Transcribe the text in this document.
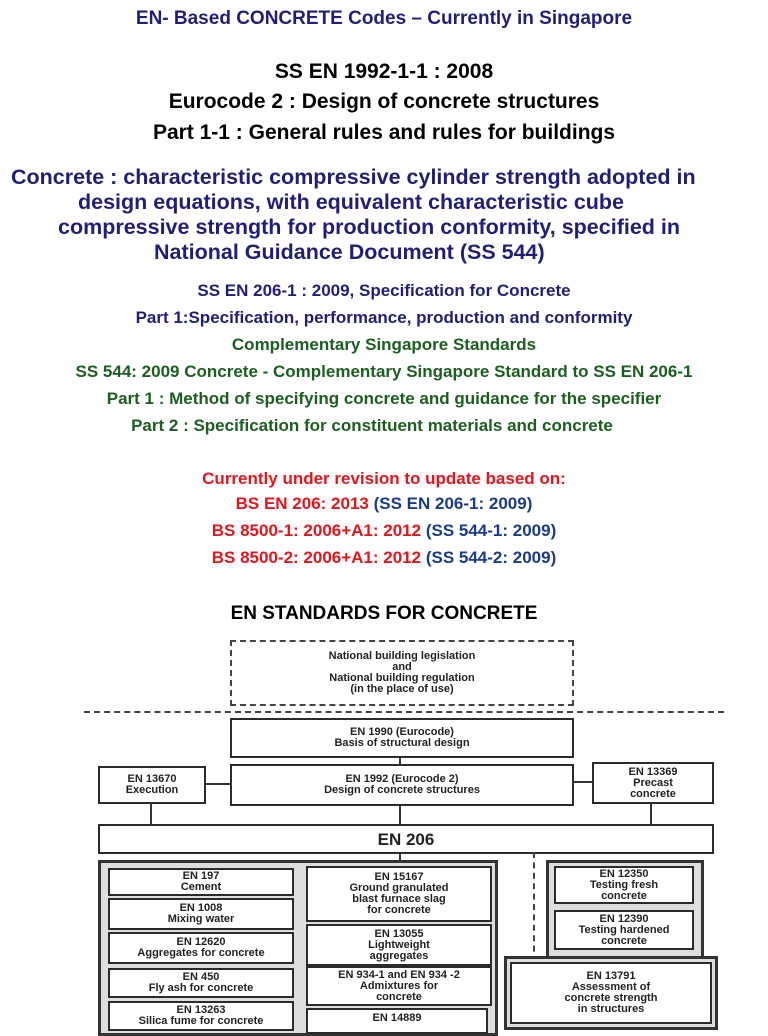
EN- Based CONCRETE Codes – Currently in Singapore
SS EN 1992-1-1 : 2008
Eurocode 2 : Design of concrete structures
Part 1-1 : General rules and rules for buildings
Concrete : characteristic compressive cylinder strength adopted in
design equations, with equivalent characteristic cube
compressive strength for production conformity, specified in
National Guidance Document (SS 544)
SS EN 206-1 : 2009, Specification for Concrete
Part 1:Specification, performance, production and conformity
Complementary Singapore Standards
SS 544: 2009 Concrete - Complementary Singapore Standard to SS EN 206-1
Part 1 : Method of specifying concrete and guidance for the specifier
Part 2 : Specification for constituent materials and concrete
Currently under revision to update based on:
BS EN 206: 2013 (SS EN 206-1: 2009)
BS 8500-1: 2006+A1: 2012 (SS 544-1: 2009)
BS 8500-2: 2006+A1: 2012 (SS 544-2: 2009)
EN STANDARDS FOR CONCRETE
National building legislation
and
National building regulation
(in the place of use)
EN 1990 (Eurocode)
Basis of structural design
EN 1992 (Eurocode 2)
Design of concrete structures
EN 13670
Execution
EN 13369
Precast
concrete
EN 206
EN 197
Cement
EN 1008
Mixing water
EN 12620
Aggregates for concrete
EN 450
Fly ash for concrete
EN 13263
Silica fume for concrete
EN 15167
Ground granulated
blast furnace slag
for concrete
EN 13055
Lightweight
aggregates
EN 934-1 and EN 934 -2
Admixtures for
concrete
EN 14889
EN 12350
Testing fresh
concrete
EN 12390
Testing hardened
concrete
EN 13791
Assessment of
concrete strength
in structures
